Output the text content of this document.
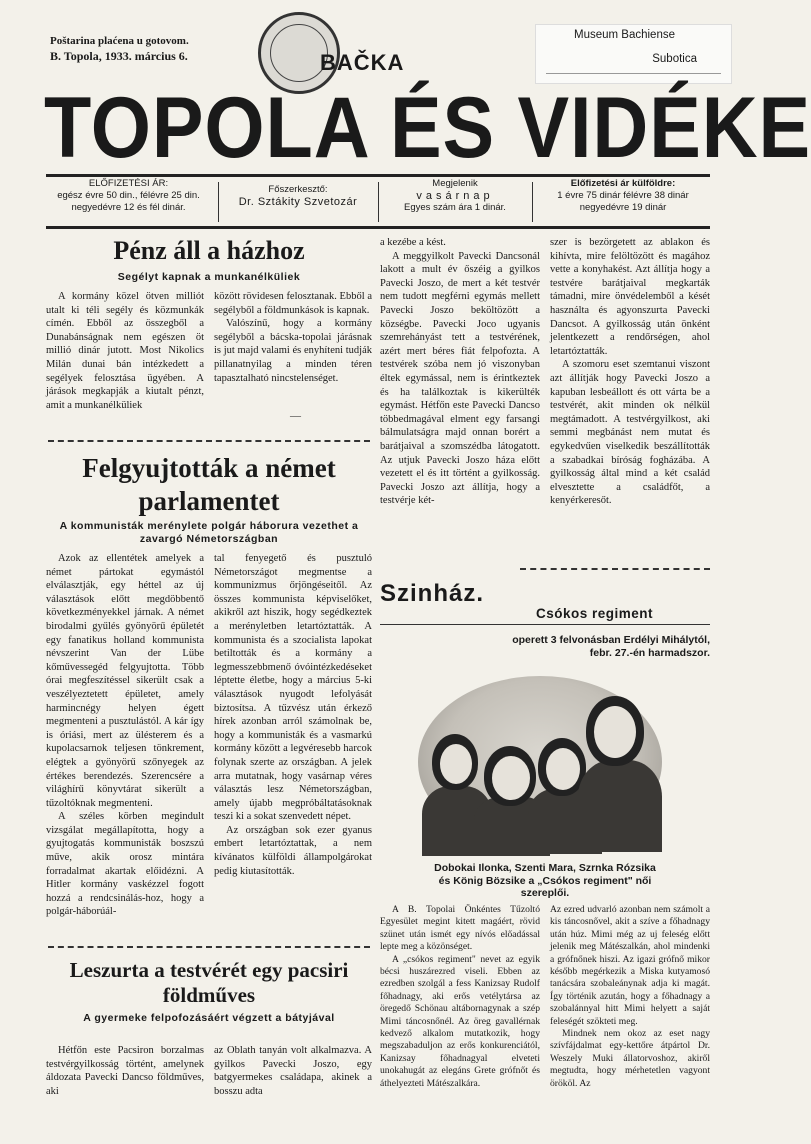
Poštarina plaćena u gotovom.
B. Topola, 1933. március 6.	BAČKA
Museum Bachiense
Subotica
TOPOLA ÉS VIDÉKE
ELŐFIZETÉSI ÁR:
egész évre 50 din., félévre 25 din.
negyedévre 12 és fél dinár.
Főszerkesztő:
Dr. Sztákity Szvetozár
Megjelenik
vasárnap
Egyes szám ára 1 dinár.
Előfizetési ár külföldre:
1 évre 75 dinár félévre 38 dinár
negyedévre 19 dinár
Pénz áll a házhoz
Segélyt kapnak a munkanélküliek

A kormány közel ötven milliót utalt ki téli segély és közmunkák címén. Ebből az összegből a Dunabánságnak nem egészen öt millió dinár jutott. Most Nikolics Milán dunai bán intézkedett a segélyek felosztása ügyében. A járások megkapják a kiutalt pénzt, amit a munkanélküliek

között rövidesen felosztanak. Ebből a segélyből a földmunkások is kapnak.

Valószínű, hogy a kormány segélyből a bácska-topolai járásnak is jut majd valami és enyhíteni tudják pillanatnyilag a minden téren tapasztalható nincstelenséget.

—
Felgyujtották a német
parlamentet
A kommunisták merénylete polgár háborura vezethet a zavargó Németországban

Azok az ellentétek amelyek a német pártokat egymástól elválasztják, egy héttel az új választások előtt megdöbbentő következményekkel járnak. A német birodalmi gyűlés gyönyörű épületét egy fanatikus holland kommunista névszerint Van der Lübe kőművessegéd felgyujtotta. Több órai megfeszítéssel sikerült csak a veszélyeztetett épületet, amely harmincnégy helyen égett megmenteni a pusztulástól. A kár így is óriási, mert az ülésterem és a kupolacsarnok teljesen tönkrement, elégtek a gyönyörű szőnyegek az értékes berendezés. Szerencsére a világhírű könyvtárat sikerült a tűzoltóknak megmenteni.

A széles körben megindult vizsgálat megállapította, hogy a gyujtogatás kommunisták boszszú műve, akik orosz mintára forradalmat akartak előidézni. A Hitler kormány vaskézzel fogott hozzá a rendcsinálás-hoz, hogy a polgár-háborúál-

tal fenyegető és pusztuló Németországot megmentse a kommunizmus őrjöngéseitől. Az összes kommunista képviselőket, akikről azt hiszik, hogy segédkeztek a merényletben letartóztatták. A kommunista és a szocialista lapokat betiltották és a kormány a legmesszebbmenő óvóintézkedéseket léptette életbe, hogy a március 5-ki választások nyugodt lefolyását biztosítsa. A tűzvész után érkező hírek azonban arról számolnak be, hogy a kommunisták és a vasmarkú kormány között a legvéresebb harcok folynak szerte az országban. A jelek arra mutatnak, hogy vasárnap véres választás lesz Németországban, amely újabb megpróbáltatásoknak teszi ki a sokat szenvedett népet.

Az országban sok ezer gyanus embert letartóztattak, a nem kívánatos külföldi állampolgárokat pedig kiutasították.

Leszurta a testvérét egy pacsiri
földműves
A gyermeke felpofozásáért végzett a bátyjával

Hétfőn este Pacsiron borzalmas testvérgyilkosság történt, amelynek áldozata Pavecki Dancso földműves, aki

az Oblath tanyán volt alkalmazva. A gyilkos Pavecki Joszo, egy batgyermekes családapa, akinek a bosszu adta

a kezébe a kést.

A meggyilkolt Pavecki Dancsonál lakott a mult év őszéig a gyilkos Pavecki Joszo, de mert a két testvér nem tudott megférni egymás mellett Pavecki Joszo beköltözött a községbe. Pavecki Joco ugyanis szemrehányást tett a testvérének, azért mert béres fiát felpofozta. A testvérek szóba nem jó viszonyban éltek egymással, nem is érintkeztek és ha találkoztak is kikerülték egymást. Hétfőn este Pavecki Dancso többedmagával elment egy farsangi bálmulatságra majd onnan borért a barátjaival a szomszédba látogatott. Az utjuk Pavecki Joszo háza előtt vezetett el és itt történt a gyilkosság. Pavecki Joszo azt állítja, hogy a testvérje két-

szer is bezörgetett az ablakon és kihívta, mire felöltözött és magához vette a konyhakést. Azt állítja hogy a testvére barátjaival megkarták támadni, mire önvédelemből a kését használta és agyonszurta Pavecki Dancsot. A gyilkosság után önként jelentkezett a rendőrségen, ahol letartóztatták.

A szomoru eset szemtanui viszont azt állítják hogy Pavecki Joszo a kapuban lesbeállott és ott várta be a testvérét, akit minden ok nélkül megtámadott. A testvérgyilkost, aki semmi megbánást nem mutat és egykedvűen viselkedik beszállították a szabadkai bíróság fogházába. A gyilkosság által mind a két család elvesztette a családfőt, a kenyérkeresőt.

Szinház.
Csókos regiment
operett 3 felvonásban Erdélyi Mihálytól,
febr. 27.-én harmadszor.
Dobokai Ilonka, Szenti Mara, Szrnka Rózsika
és König Bözsike a „Csókos regiment" női
szereplői.

A B. Topolai Önkéntes Tűzoltó Egyesület megint kitett magáért, rövid szünet után ismét egy nívós előadással lepte meg a közönséget.

A „csókos regiment" nevet az egyik bécsi huszárezred viseli. Ebben az ezredben szolgál a fess Kanizsay Rudolf főhadnagy, aki erős vetélytársa az öregedő Schönau altábornagynak a szép Mimi táncosnőnél. Az öreg gavallérnak kedvező alkalom mutatkozik, hogy megszabaduljon az erős konkurenciától, Kanizsay főhadnagyal elveteti unokahugát az elegáns Grete grófnőt és áthelyezteti Mátészalkára.

Az ezred udvarló azonban nem számolt a kis táncosnővel, akit a szíve a főhadnagy után húz. Mimi még az uj feleség előtt jelenik meg Mátészalkán, ahol mindenki a grófnőnek hiszi. Az igazi grófnő mikor később megérkezik a Miska kutyamosó tanácsára szobaleánynak adja ki magát. Így történik azután, hogy a főhadnagy a szobalánnyal hitt Mimi helyett a saját feleségét szökteti meg.

Mindnek nem okoz az eset nagy szívfájdalmat egy-kettőre átpártol Dr. Weszely Muki állatorvoshoz, akiről megtudta, hogy mérhetetlen vagyont örököl. Az
